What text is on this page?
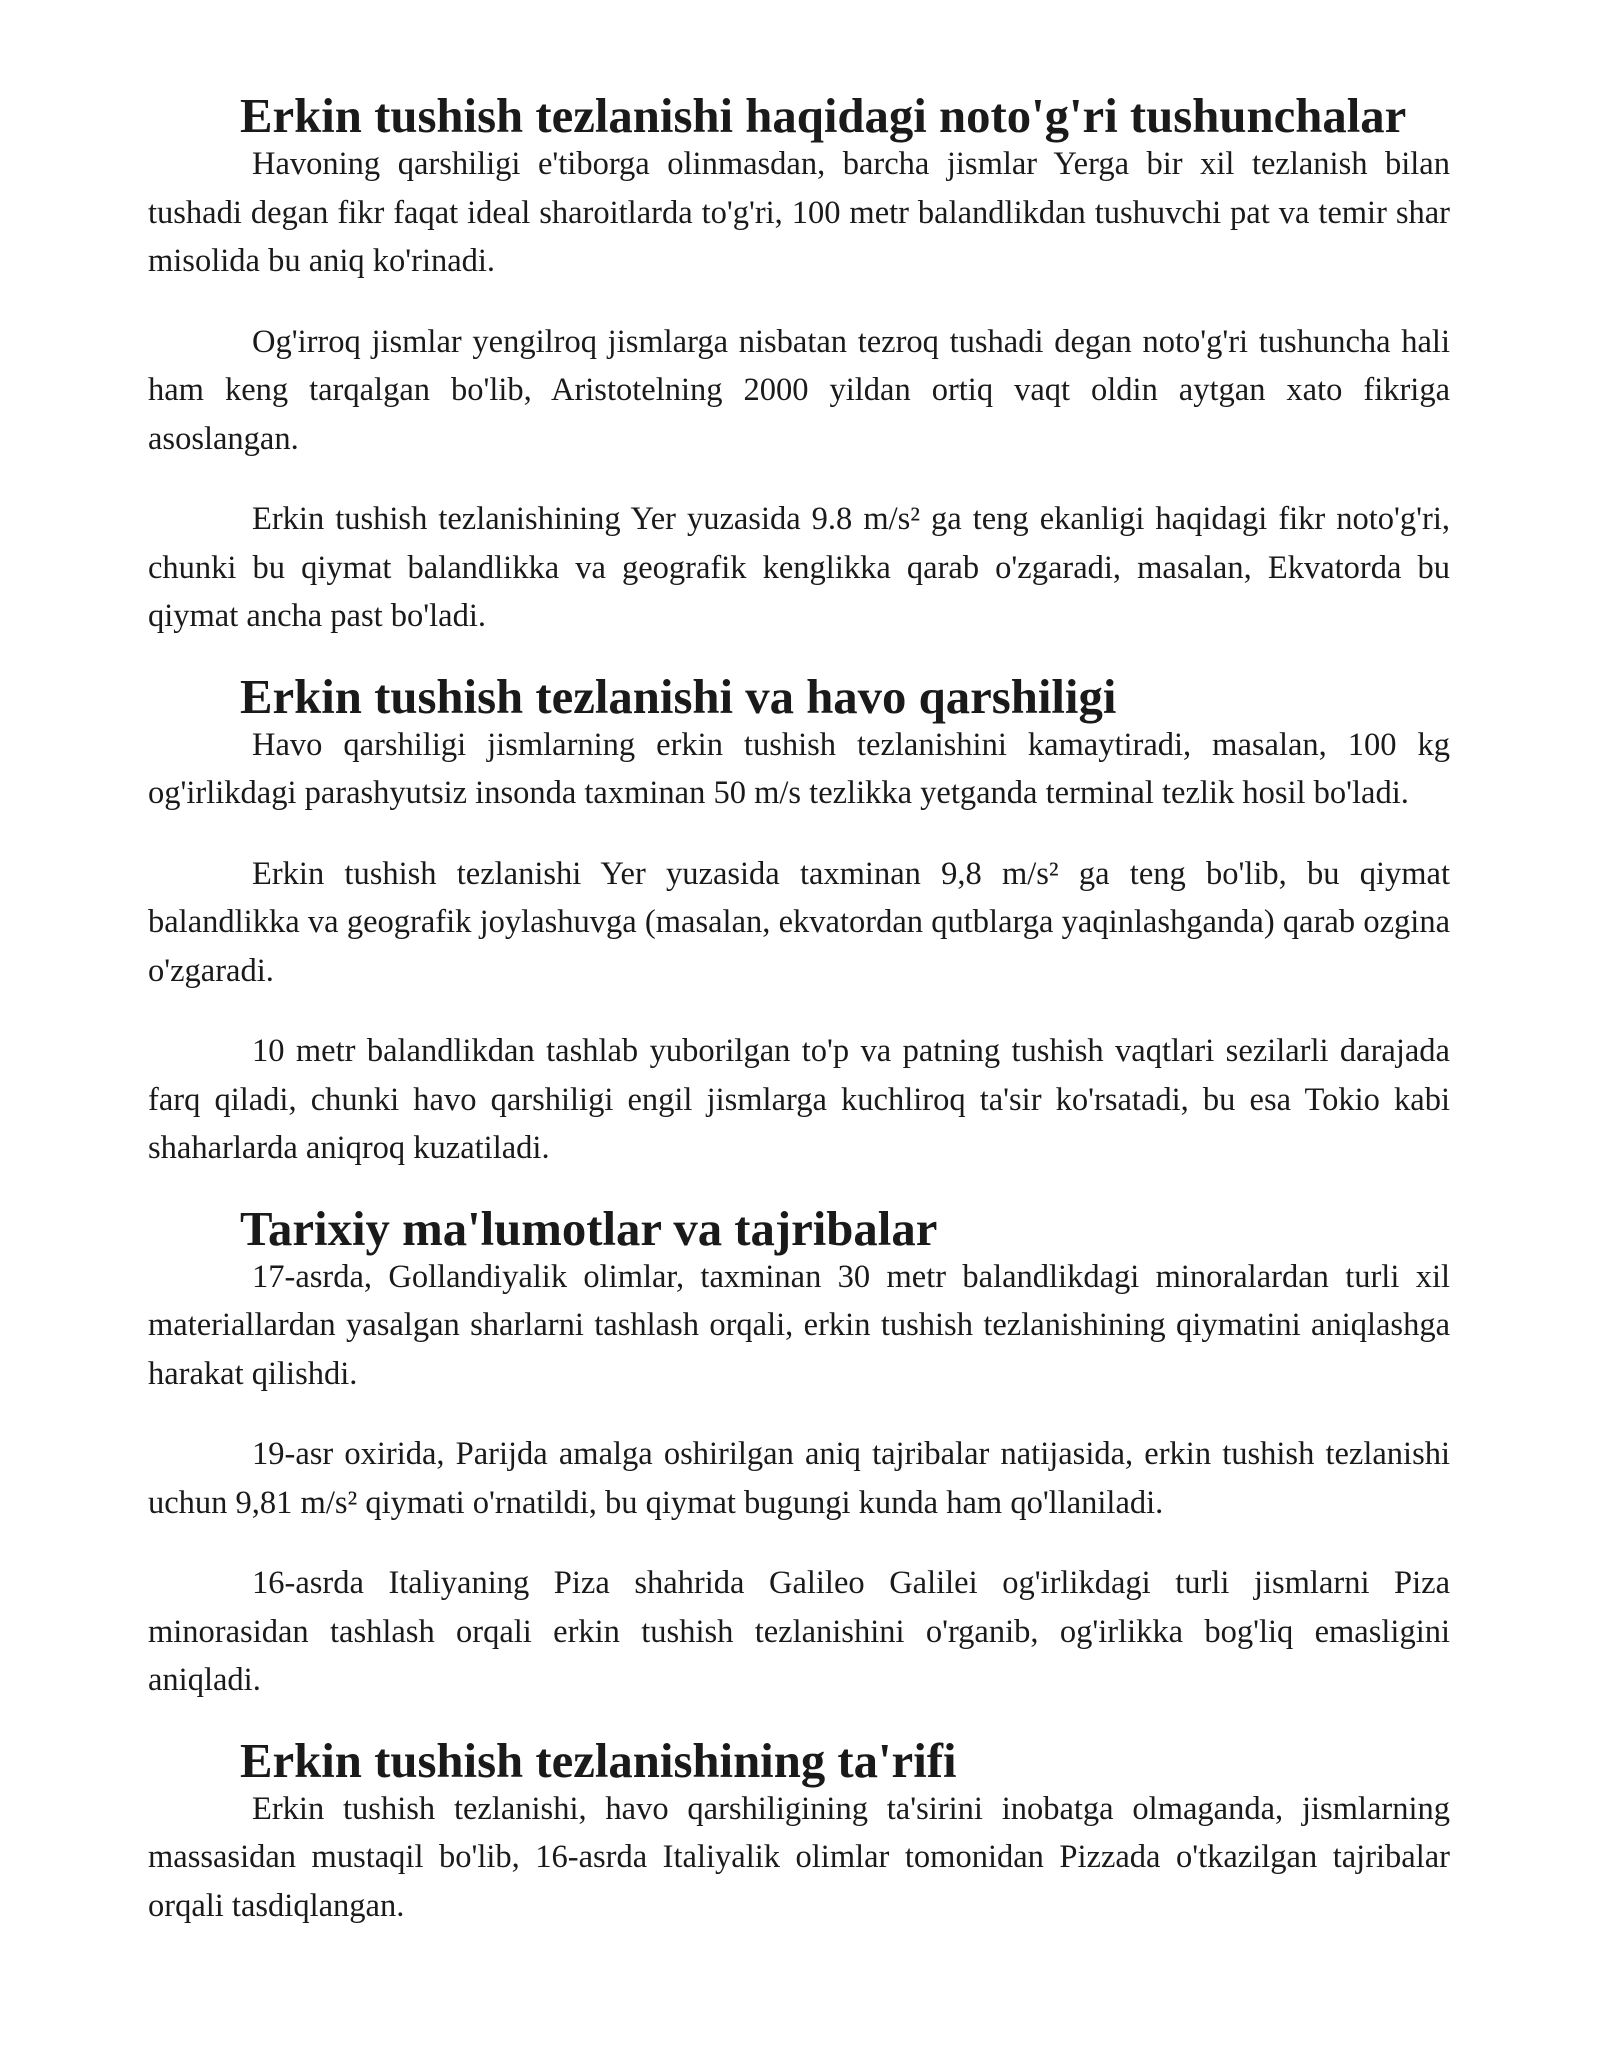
Erkin tushish tezlanishi haqidagi noto'g'ri tushunchalar

Havoning qarshiligi e'tiborga olinmasdan, barcha jismlar Yerga bir xil tezlanish bilan tushadi degan fikr faqat ideal sharoitlarda to'g'ri, 100 metr balandlikdan tushuvchi pat va temir shar misolida bu aniq ko'rinadi.

Og'irroq jismlar yengilroq jismlarga nisbatan tezroq tushadi degan noto'g'ri tushuncha hali ham keng tarqalgan bo'lib, Aristotelning 2000 yildan ortiq vaqt oldin aytgan xato fikriga asoslangan.

Erkin tushish tezlanishining Yer yuzasida 9.8 m/s² ga teng ekanligi haqidagi fikr noto'g'ri, chunki bu qiymat balandlikka va geografik kenglikka qarab o'zgaradi, masalan, Ekvatorda bu qiymat ancha past bo'ladi.

Erkin tushish tezlanishi va havo qarshiligi

Havo qarshiligi jismlarning erkin tushish tezlanishini kamaytiradi, masalan, 100 kg og'irlikdagi parashyutsiz insonda taxminan 50 m/s tezlikka yetganda terminal tezlik hosil bo'ladi.

Erkin tushish tezlanishi Yer yuzasida taxminan 9,8 m/s² ga teng bo'lib, bu qiymat balandlikka va geografik joylashuvga (masalan, ekvatordan qutblarga yaqinlashganda) qarab ozgina o'zgaradi.

10 metr balandlikdan tashlab yuborilgan to'p va patning tushish vaqtlari sezilarli darajada farq qiladi, chunki havo qarshiligi engil jismlarga kuchliroq ta'sir ko'rsatadi, bu esa Tokio kabi shaharlarda aniqroq kuzatiladi.

Tarixiy ma'lumotlar va tajribalar

17-asrda, Gollandiyalik olimlar, taxminan 30 metr balandlikdagi minoralardan turli xil materiallardan yasalgan sharlarni tashlash orqali, erkin tushish tezlanishining qiymatini aniqlashga harakat qilishdi.

19-asr oxirida, Parijda amalga oshirilgan aniq tajribalar natijasida, erkin tushish tezlanishi uchun 9,81 m/s² qiymati o'rnatildi, bu qiymat bugungi kunda ham qo'llaniladi.

16-asrda Italiyaning Piza shahrida Galileo Galilei og'irlikdagi turli jismlarni Piza minorasidan tashlash orqali erkin tushish tezlanishini o'rganib, og'irlikka bog'liq emasligini aniqladi.

Erkin tushish tezlanishining ta'rifi

Erkin tushish tezlanishi, havo qarshiligining ta'sirini inobatga olmaganda, jismlarning massasidan mustaqil bo'lib, 16-asrda Italiyalik olimlar tomonidan Pizzada o'tkazilgan tajribalar orqali tasdiqlangan.
